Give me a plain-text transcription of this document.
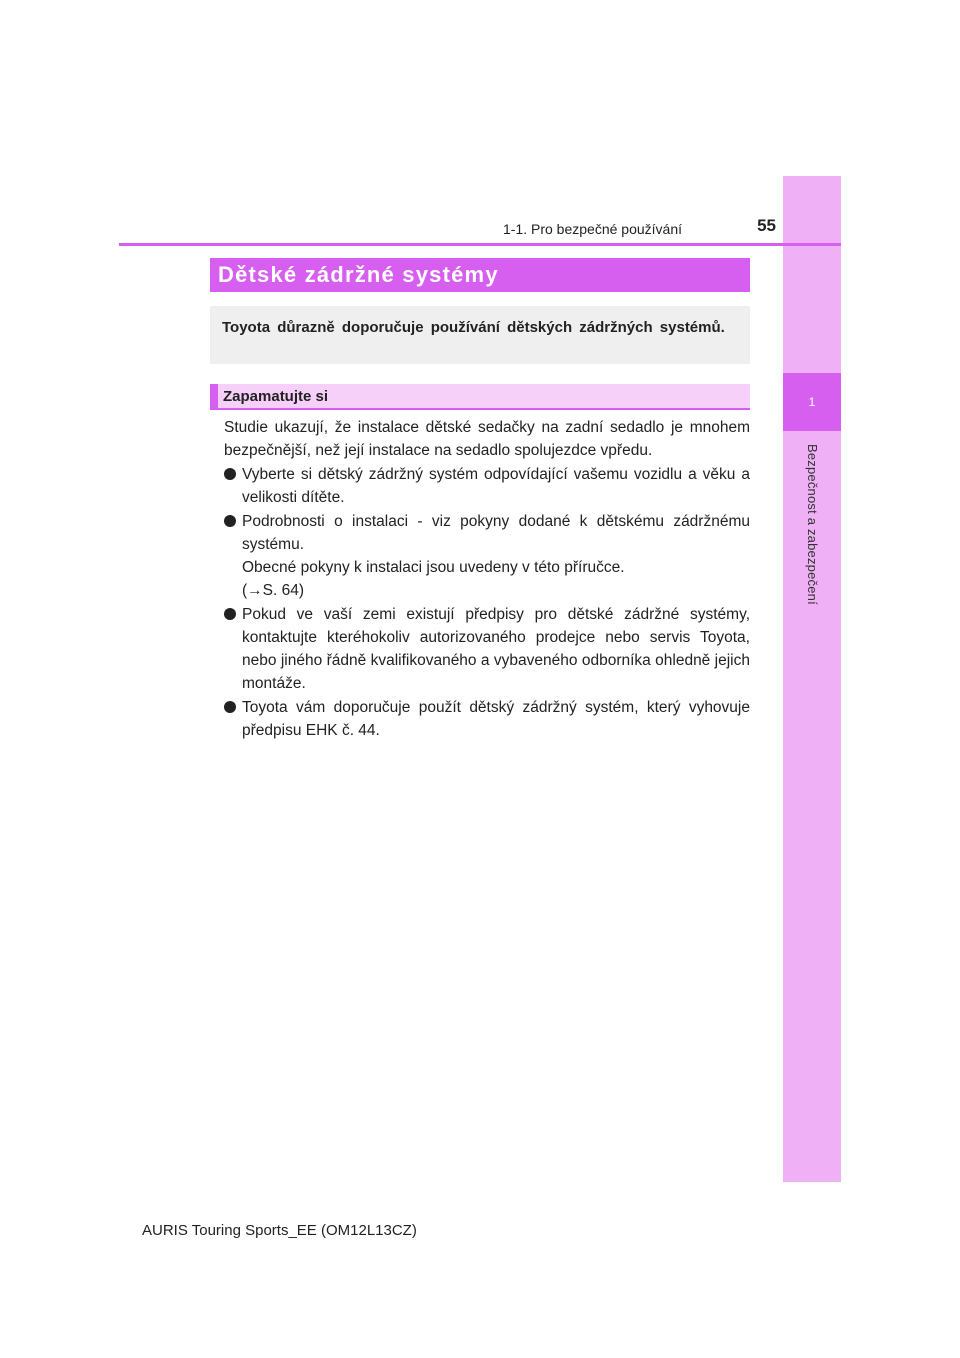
1
Bezpečnost a zabezpečení
1-1. Pro bezpečné používání	55
Dětské zádržné systémy
Toyota důrazně doporučuje používání dětských zádržných systémů.
Zapamatujte si

Studie ukazují, že instalace dětské sedačky na zadní sedadlo je mnohem bezpečnější, než její instalace na sedadlo spolujezdce vpředu.

Vyberte si dětský zádržný systém odpovídající vašemu vozidlu a věku a velikosti dítěte.
Podrobnosti o instalaci - viz pokyny dodané k dětskému zádržnému systému.
Obecné pokyny k instalaci jsou uvedeny v této příručce.
(→S. 64)
Pokud ve vaší zemi existují předpisy pro dětské zádržné systémy, kontaktujte kteréhokoliv autorizovaného prodejce nebo servis Toyota, nebo jiného řádně kvalifikovaného a vybaveného odborníka ohledně jejich montáže.
Toyota vám doporučuje použít dětský zádržný systém, který vyhovuje předpisu EHK č. 44.
AURIS Touring Sports_EE (OM12L13CZ)
